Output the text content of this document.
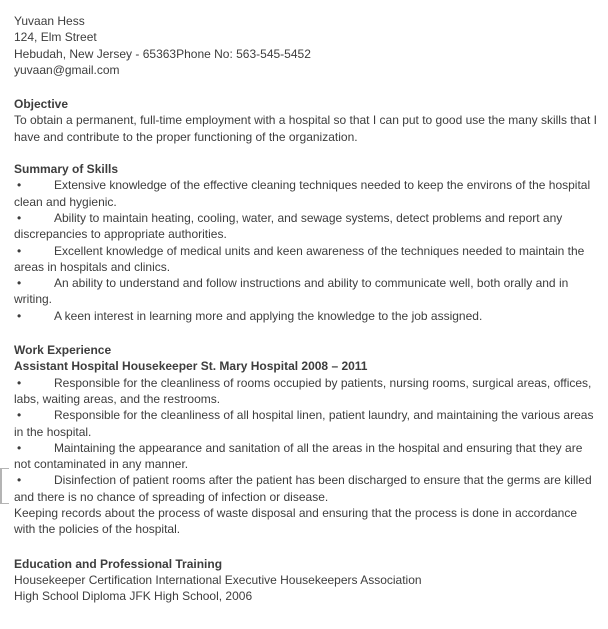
Yuvaan Hess

124, Elm Street

Hebudah, New Jersey - 65363Phone No: 563-545-5452

yuvaan@gmail.com

Objective

To obtain a permanent, full-time employment with a hospital so that I can put to good use the many skills that I have and contribute to the proper functioning of the organization.

Summary of Skills

•	Extensive knowledge of the effective cleaning techniques needed to keep the environs of the hospital clean and hygienic.

•	Ability to maintain heating, cooling, water, and sewage systems, detect problems and report any discrepancies to appropriate authorities.

•	Excellent knowledge of medical units and keen awareness of the techniques needed to maintain the areas in hospitals and clinics.

•	An ability to understand and follow instructions and ability to communicate well, both orally and in writing.

•	A keen interest in learning more and applying the knowledge to the job assigned.

Work Experience

Assistant Hospital Housekeeper St. Mary Hospital 2008 – 2011

•	Responsible for the cleanliness of rooms occupied by patients, nursing rooms, surgical areas, offices, labs, waiting areas, and the restrooms.

•	Responsible for the cleanliness of all hospital linen, patient laundry, and maintaining the various areas in the hospital.

•	Maintaining the appearance and sanitation of all the areas in the hospital and ensuring that they are not contaminated in any manner.

•	Disinfection of patient rooms after the patient has been discharged to ensure that the germs are killed and there is no chance of spreading of infection or disease.

Keeping records about the process of waste disposal and ensuring that the process is done in accordance with the policies of the hospital.

Education and Professional Training

Housekeeper Certification International Executive Housekeepers Association

High School Diploma JFK High School, 2006
